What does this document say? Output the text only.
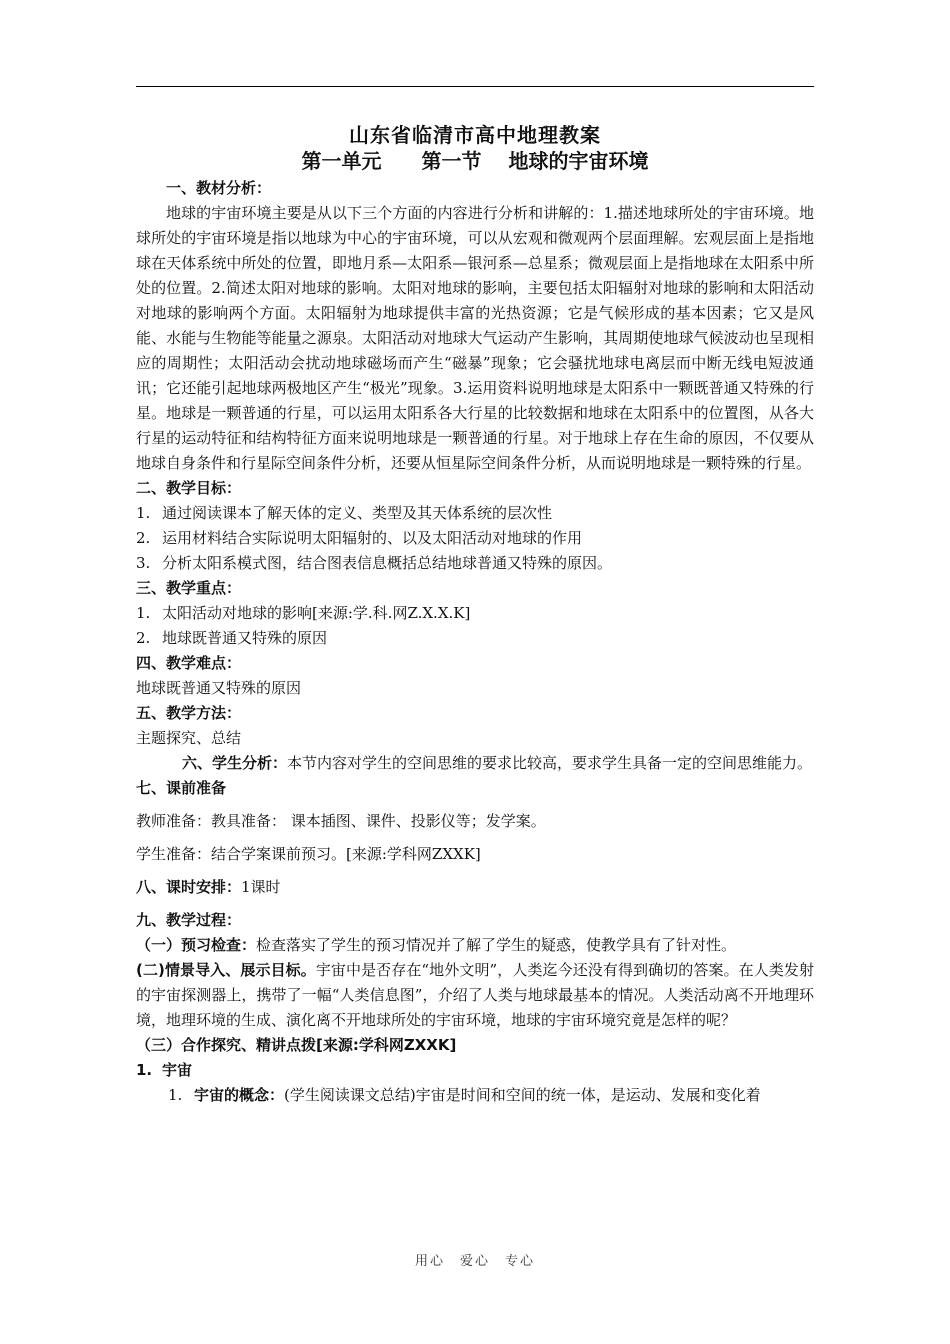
山东省临清市高中地理教案
第一单元　　第一节　 地球的宇宙环境

一、教材分析：

地球的宇宙环境主要是从以下三个方面的内容进行分析和讲解的：1.描述地球所处的宇宙环境。地球所处的宇宙环境是指以地球为中心的宇宙环境，可以从宏观和微观两个层面理解。宏观层面上是指地球在天体系统中所处的位置，即地月系—太阳系—银河系—总星系；微观层面上是指地球在太阳系中所处的位置。2.简述太阳对地球的影响。太阳对地球的影响，主要包括太阳辐射对地球的影响和太阳活动对地球的影响两个方面。太阳辐射为地球提供丰富的光热资源；它是气候形成的基本因素；它又是风能、水能与生物能等能量之源泉。太阳活动对地球大气运动产生影响，其周期使地球气候波动也呈现相应的周期性；太阳活动会扰动地球磁场而产生“磁暴”现象；它会骚扰地球电离层而中断无线电短波通讯；它还能引起地球两极地区产生“极光”现象。3.运用资料说明地球是太阳系中一颗既普通又特殊的行星。地球是一颗普通的行星，可以运用太阳系各大行星的比较数据和地球在太阳系中的位置图，从各大行星的运动特征和结构特征方面来说明地球是一颗普通的行星。对于地球上存在生命的原因，不仅要从地球自身条件和行星际空间条件分析，还要从恒星际空间条件分析，从而说明地球是一颗特殊的行星。

二、教学目标：

1. 通过阅读课本了解天体的定义、类型及其天体系统的层次性

2. 运用材料结合实际说明太阳辐射的、以及太阳活动对地球的作用

3. 分析太阳系模式图，结合图表信息概括总结地球普通又特殊的原因。

三、教学重点：

1. 太阳活动对地球的影响[来源:学.科.网Z.X.X.K]

2. 地球既普通又特殊的原因

四、教学难点：

地球既普通又特殊的原因

五、教学方法：

主题探究、总结

六、学生分析：本节内容对学生的空间思维的要求比较高，要求学生具备一定的空间思维能力。

七、课前准备

教师准备：教具准备： 课本插图、课件、投影仪等；发学案。

学生准备：结合学案课前预习。[来源:学科网ZXXK]

八、课时安排：1课时

九、教学过程：

（一）预习检查：检查落实了学生的预习情况并了解了学生的疑惑，使教学具有了针对性。

(二)情景导入、展示目标。宇宙中是否存在“地外文明”，人类迄今还没有得到确切的答案。在人类发射的宇宙探测器上，携带了一幅“人类信息图”，介绍了人类与地球最基本的情况。人类活动离不开地理环境，地理环境的生成、演化离不开地球所处的宇宙环境，地球的宇宙环境究竟是怎样的呢？

（三）合作探究、精讲点拨[来源:学科网ZXXK]

1. 宇宙

1. 宇宙的概念：(学生阅读课文总结)宇宙是时间和空间的统一体，是运动、发展和变化着

用心　爱心　专心
